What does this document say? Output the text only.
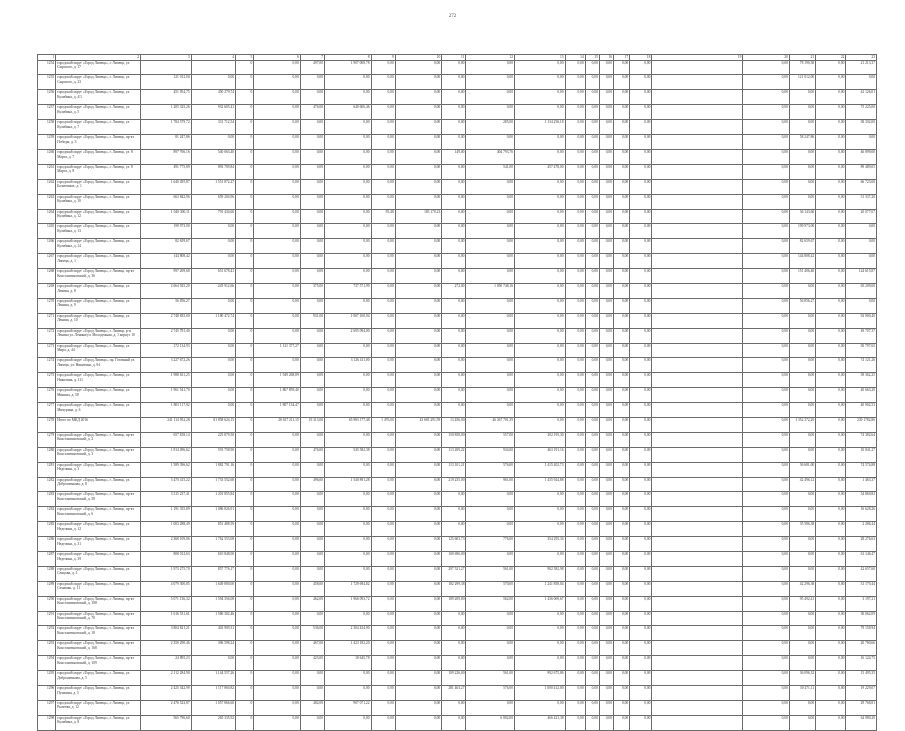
272
1	2	3	4	5	6	7	8	9	10	11	12	13	14	15	16	17	18	19	20	21	22	23
1254	городской округ «Город Липецк», г. Липецк, ул. Сырского, д. 17			0	0,00	497,00	1 907 008,78	0,00	0,00	0,00	0,00	0,00	0,00	0,00	0,00	0,00	0,00		0,00	78 190,38	0,00	21 213,37
1255	городской округ «Город Липецк», г. Липецк, ул. Сырского, д. 23	121 012,00	0,00	0	0,00	0,00	0,00	0,00	0,00	0,00	0,00	0,00	0,00	0,00	0,00	0,00	0,00		0,00	121 012,00	0,00	0,00
1256	городской округ «Город Липецк», г. Липецк, ул. Кулибина, д. 4/1	451 954,75	450 279,74	0	0,00	0,00	0,00	0,00	0,00	0,00	0,00	0,00	0,00	0,00	0,00	0,00	0,00		0,00	0,00	0,00	42 126,01
1257	городской округ «Город Липецк», г. Липецк, ул. Кулибина, д. 5	1 205 325,26	932 605,41	0	0,00	476,00	640 606,46	0,00	0,00	0,00	0,00	0,00	0,00	0,00	0,00	0,00	0,00		0,00	0,00	0,00	75 225,00
1258	городской округ «Город Липецк», г. Липецк, ул. Кулибина, д. 7	1 784 579,72	331 712,54	0	0,00	0,00	0,00	0,00	0,00	0,00	285,00	1 134 256,18	0,00	0,00	0,00	0,00	0,00		0,00	0,00	0,00	38 302,00
1259	городской округ «Город Липецк», г. Липецк, пр-кт Победы, д. 3	81 247,86	0,00	0	0,00	0,00	0,00	0,00	0,00	0,00	0,00	0,00	0,00	0,00	0,00	0,00	0,00		0,00	58 247,86	0,00	0,00
1260	городской округ «Город Липецк», г. Липецк, ул. 8 Марта, д. 7	897 766,16	540 063,40	0	0,00	0,00	0,00	0,00	0,00	149,00	404 793,76	0,00	0,00	0,00	0,00	0,00	0,00		0,00	0,00	0,00	46 899,00
1261	городской округ «Город Липецк», г. Липецк, ул. 8 Марта, д. 8	491 775,89	893 709,84	0	0,00	0,00	0,00	0,00	0,00	0,00	541,00	457 478,00	0,00	0,00	0,00	0,00	0,00		0,00	0,00	0,00	89 489,05
1262	городской округ «Город Липецк», г. Липецк, ул. Балмочных, д. 1	1 640 495,87	1 551 872,27	0	0,00	0,00	0,00	0,00	0,00	0,00	0,00	0,00	0,00	0,00	0,00	0,00	0,00		0,00	0,00	0,00	66 723,00
1263	городской округ «Город Липецк», г. Липецк, ул. Кулибина, д. 10	663 842,96	659 204,96	0	0,00	0,00	0,00	0,00	0,00	0,00	0,00	0,00	0,00	0,00	0,00	0,00	0,00		0,00	0,00	0,00	51 337,20
1264	городской округ «Город Липецк», г. Липецк, ул. Кулибина, д. 12	1 040 300,11	791 434,60	0	0,00	0,00	0,00	95,48	183 170,23	0,00	0,00	0,00	0,00	0,00	0,00	0,00	0,00		0,00	36 143,60	0,00	20 077,07
1265	городской округ «Город Липецк», г. Липецк, ул. Кулибина, д. 13	199 973,00	0,00	0	0,00	0,00	0,00	0,00	0,00	0,00	0,00	0,00	0,00	0,00	0,00	0,00	0,00		0,00	199 973,00	0,00	0,00
1266	городской округ «Город Липецк», г. Липецк, ул. Кулибина, д. 14	82 659,67	0,00	0	0,00	0,00	0,00	0,00	0,00	0,00	0,00	0,00	0,00	0,00	0,00	0,00	0,00		0,00	82 659,67	0,00	0,00
1267	городской округ «Город Липецк», г. Липецк, ул. Липецк, д. 1	144 808,42	0,00	0	0,00	0,00	0,00	0,00	0,00	0,00	0,00	0,00	0,00	0,00	0,00	0,00	0,00		0,00	144 808,42	0,00	0,00
1268	городской округ «Город Липецк», г. Липецк, пр-кт Константиновский, д. 36	997 269,68	651 678,41	0	0,00	0,00	0,00	0,00	0,00	0,00	0,00	0,00	0,00	0,00	0,00	0,00	0,00		0,00	151 406,40	0,00	124 615,87
1269	городской округ «Город Липецк», г. Липецк, ул. Ленина, д. 8	2 664 925,20	245 912,66	0	0,00	375,00	737 571,99	0,00	0,00	272,00	1 050 748,16	0,00	0,00	0,00	0,00	0,00	0,00		0,00	0,00	0,00	65 209,00
1270	городской округ «Город Липецк», г. Липецк, ул. Ленина, д. 9	56 856,27	0,00	0	0,00	0,00	0,00	0,00	0,00	0,00	0,00	0,00	0,00	0,00	0,00	0,00	0,00		0,00	56 856,27	0,00	0,00
1271	городской округ «Город Липецк», г. Липецк, ул. Ленина, д. 10	2 748 835,00	1 180 472,74	0	0,00	931,00	1 067 100,94	0,00	0,00	0,00	0,00	0,00	0,00	0,00	0,00	0,00	0,00		0,00	0,00	0,00	92 900,40
1272	городской округ «Город Липецк», г. Липецк, р-н Ленина ул. Ленина/ул. Молодежная, д. 1 корпус 10	2 745 781,40	0,00	0	0,00	0,00	2 695 094,00	0,00	0,00	0,00	0,00	0,00	0,00	0,00	0,00	0,00	0,00		0,00	0,00	0,00	49 707,37
1273	городской округ «Город Липецк», г. Липецк, ул. Мира, д. 44	172 134,93	0,00	0	1 121 377,27	0,00	0,00	0,00	0,00	0,00	0,00	0,00	0,00	0,00	0,00	0,00	0,00		0,00	0,00	0,00	50 797,65
1274	городской округ «Город Липецк», пр. Готовный ул. Липецк, ул. Никитина, д. 94	3 227 672,26	0,00	0	0,00	0,00	3 126 411,00	0,00	0,00	0,00	0,00	0,00	0,00	0,00	0,00	0,00	0,00		0,00	0,00	0,00	74 121,26
1275	городской округ «Город Липецк», г. Липецк, ул. Никитина, д. 111	1 988 631,25	0,00	0	1 949 268,89	0,00	0,00	0,00	0,00	0,00	0,00	0,00	0,00	0,00	0,00	0,00	0,00		0,00	0,00	0,00	39 362,25
1276	городской округ «Город Липецк», г. Липецк, ул. Минина, д. 58	1 961 541,70	0,00	0	1 867 859,40	0,00	0,00	0,00	0,00	0,00	0,00	0,00	0,00	0,00	0,00	0,00	0,00		0,00	0,00	0,00	40 663,20
1277	городской округ «Город Липецк», г. Липецк, ул. Мичурина, д. 6	1 803 117,92	0,00	0	1 807 134,47	0,00	0,00	0,00	0,00	0,00	0,00	0,00	0,00	0,00	0,00	0,00	0,00		0,00	0,00	0,00	40 902,53
1278	Итого по МКД 2016	241 114 952,28	81 858 624,15	0	28 637 211,15	19 313,00	65 983 177,48	1 476,00	43 681 291,59	13 456,00	46 367 701,39	0,00	0,00	0,00	0,00	0,00	0,00		0,00	1 352 372,20	0,00	239 1782,86
1279	городской округ «Город Липецк», г. Липецк, пр-кт Константиновский, д. 2	657 818,14	225 879,50	0	0,00	0,00	0,00	0,00	0,00	150 858,00	557,00	302 195,30	0,00	0,00	0,00	0,00	0,00		0,00	0,00	0,00	74 382,64
1280	городской округ «Город Липецк», г. Липецк, пр-кт Константиновский, д. 3	1 814 496,62	591 758,90	0	0,00	476,00	545 582,38	0,00	0,00	113 209,22	934,00	463 191,16	0,00	0,00	0,00	0,00	0,00		0,00	0,00	0,00	10 841,27
1281	городской округ «Город Липецк», г. Липецк, ул. Неделина, д. 3	1 589 396,62	1 882 791,16	0	0,00	0,00	0,00	0,00	0,00	113 101,21	576,00	1 415 202,73	0,00	0,00	0,00	0,00	0,00		0,00	36 681,00	0,00	74 574,88
1282	городской округ «Город Липецк», г. Липецк, ул. Доброшенкова, д. 8	3 470 415,22	1 733 552,68	0	0,00	496,00	1 540 891,28	0,00	0,00	219 235,00	961,00	1 435 924,88	0,00	0,00	0,00	0,00	0,00		0,00	42 496,12	0,00	1 463,37
1283	городской округ «Город Липецк», г. Липецк, пр-кт Константиновский, д. 58	3 315 237,41	1 201 855,84	0	0,00	0,00	0,00	0,00	0,00	0,00	0,00	0,00	0,00	0,00	0,00	0,00	0,00		0,00	0,00	0,00	54 860,82
1284	городской округ «Город Липецк», г. Липецк, пр-кт Константиновский, д. 6	1 191 355,89	1 086 826,91	0	0,00	0,00	0,00	0,00	0,00	0,00	0,00	0,00	0,00	0,00	0,00	0,00	0,00		0,00	0,00	0,00	16 628,26
1285	городской округ «Город Липецк», г. Липецк, ул. Неделина, д. 12	1 003 288,49	851 488,59	0	0,00	0,00	0,00	0,00	0,00	0,00	0,00	0,00	0,00	0,00	0,00	0,00	0,00		0,00	35 586,38	0,00	2 286,44
1286	городской округ «Город Липецк», г. Липецк, ул. Неделина, д. 31	2 368 109,06	1 762 553,08	0	0,00	0,00	0,00	0,00	0,00	125 603,73	776,00	354 295,34	0,00	0,00	0,00	0,00	0,00		0,00	0,00	0,00	28 276,63
1287	городской округ «Город Липецк», г. Липецк, ул. Неделина, д. 39	808 012,63	610 848,00	0	0,00	0,00	0,00	0,00	0,00	100 696,00	0,00	0,00	0,00	0,00	0,00	0,00	0,00		0,00	0,00	0,00	61 146,47
1288	городской округ «Город Липецк», г. Липецк, ул. Сенцова, д. 3	1 973 275,70	857 776,17	0	0,00	0,00	0,00	0,00	0,00	297 521,27	561,00	902 582,98	0,00	0,00	0,00	0,00	0,00		0,00	0,00	0,00	42 657,60
1289	городской округ «Город Липецк», г. Липецк, ул. Семашко, д. 11	4 079 300,85	1 649 800,00	0	0,00	458,00	1 729 694,82	0,00	0,00	182 299,38	570,00	1 241 858,04	0,00	0,00	0,00	0,00	0,00		0,00	42 296,38	0,00	31 170,44
1290	городской округ «Город Липецк», г. Липецк, пр-кт Константиновский, д. 108	5 071 136,32	1 594 356,08	0	0,00	462,00	1 966 093,72	0,00	0,00	189 209,80	562,00	1 436 069,67	0,00	0,00	0,00	0,00	0,00		0,00	95 492,41	0,00	3 197,21
1291	городской округ «Город Липецк», г. Липецк, пр-кт Константиновский, д. 70	1 616 531,61	1 586 302,46	0	0,00	0,00	0,00	0,00	0,00	0,00	0,00	0,00	0,00	0,00	0,00	0,00	0,00		0,00	0,00	0,00	30 062,09
1292	городской округ «Город Липецк», г. Липецк, пр-кт Константиновский, д. 18	3 804 821,21	403 909,31	0	0,00	536,00	2 304 434,90	0,00	0,00	0,00	0,00	0,00	0,00	0,00	0,00	0,00	0,00		0,00	0,00	0,00	79 158,94
1293	городской округ «Город Липецк», г. Липецк, пр-кт Константиновский, д. 168	2 350 290,46	396 598,24	0	0,00	467,00	1 423 182,20	0,00	0,00	0,00	0,00	0,00	0,00	0,00	0,00	0,00	0,00		0,00	0,00	0,00	20 780,66
1294	городской округ «Город Липецк», г. Липецк, пр-кт Константиновский, д. 109	24 895,23	0,00	0	0,00	423,00	18 645,78	0,00	0,00	0,00	0,00	0,00	0,00	0,00	0,00	0,00	0,00		0,00	0,00	0,00	16 124,75
1295	городской округ «Город Липецк», г. Липецк, ул. Доброшенкова, д. 5	2 112 284,90	1 144 557,26	0	0,00	0,00	0,00	0,00	0,00	109 226,00	561,00	992 675,86	0,00	0,00	0,00	0,00	0,00		0,00	36 096,32	0,00	15 495,35
1296	городской округ «Город Липецк», г. Липецк, ул. Пушкина, д. 5	2 425 342,99	1 117 860,82	0	0,00	0,00	0,00	0,00	0,00	281 463,27	576,00	1 000 412,00	0,00	0,00	0,00	0,00	0,00		0,00	30 471,11	0,00	19 229,07
1297	городской округ «Город Липецк», г. Липецк, ул. Рылеева, д. 12	2 476 523,87	1 057 866,60	0	0,00	482,00	907 071,22	0,00	0,00	0,00	0,00	0,00	0,00	0,00	0,00	0,00	0,00		0,00	0,00	0,00	29 768,81
1298	городской округ «Город Липецк», г. Липецк, ул. Кулибина, д. 8	565 796,60	265 335,92	0	0,00	0,00	0,00	0,00	0,00	0,00	6 802,00	466 421,38	0,00	0,00	0,00	0,00	0,00		0,00	0,00	0,00	64 980,20
